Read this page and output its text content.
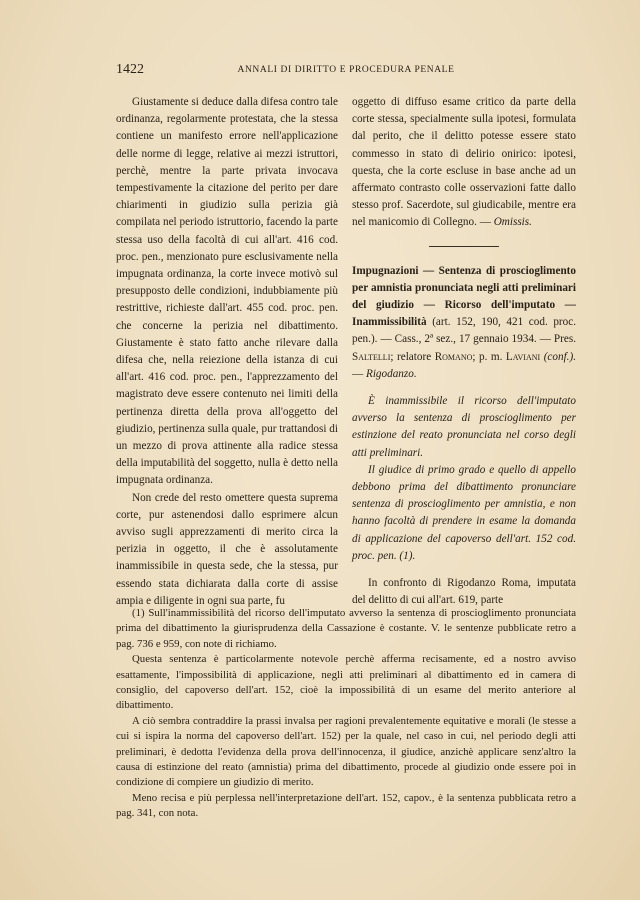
1422	ANNALI DI DIRITTO E PROCEDURA PENALE

Giustamente si deduce dalla difesa contro tale ordinanza, regolarmente protestata, che la stessa contiene un manifesto errore nell'applicazione delle norme di legge, relative ai mezzi istruttori, perchè, mentre la parte privata invocava tempestivamente la citazione del perito per dare chiarimenti in giudizio sulla perizia già compilata nel periodo istruttorio, facendo la parte stessa uso della facoltà di cui all'art. 416 cod. proc. pen., menzionato pure esclusivamente nella impugnata ordinanza, la corte invece motivò sul presupposto delle condizioni, indubbiamente più restrittive, richieste dall'art. 455 cod. proc. pen. che concerne la perizia nel dibattimento. Giustamente è stato fatto anche rilevare dalla difesa che, nella reiezione della istanza di cui all'art. 416 cod. proc. pen., l'apprezzamento del magistrato deve essere contenuto nei limiti della pertinenza diretta della prova all'oggetto del giudizio, pertinenza sulla quale, pur trattandosi di un mezzo di prova attinente alla radice stessa della imputabilità del soggetto, nulla è detto nella impugnata ordinanza.

Non crede del resto omettere questa suprema corte, pur astenendosi dallo esprimere alcun avviso sugli apprezzamenti di merito circa la perizia in oggetto, il che è assolutamente inammissibile in questa sede, che la stessa, pur essendo stata dichiarata dalla corte di assise ampia e diligente in ogni sua parte, fu

oggetto di diffuso esame critico da parte della corte stessa, specialmente sulla ipotesi, formulata dal perito, che il delitto potesse essere stato commesso in stato di delirio onirico: ipotesi, questa, che la corte escluse in base anche ad un affermato contrasto colle osservazioni fatte dallo stesso prof. Sacerdote, sul giudicabile, mentre era nel manicomio di Collegno. — Omissis.

Impugnazioni — Sentenza di proscioglimento per amnistia pronunciata negli atti preliminari del giudizio — Ricorso dell'imputato — Inammissibilità (art. 152, 190, 421 cod. proc. pen.). — Cass., 2ª sez., 17 gennaio 1934. — Pres. Saltelli; relatore Romano; p. m. Laviani (conf.). — Rigodanzo.

È inammissibile il ricorso dell'imputato avverso la sentenza di proscioglimento per estinzione del reato pronunciata nel corso degli atti preliminari.

Il giudice di primo grado e quello di appello debbono prima del dibattimento pronunciare sentenza di proscioglimento per amnistia, e non hanno facoltà di prendere in esame la domanda di applicazione del capoverso dell'art. 152 cod. proc. pen. (1).

In confronto di Rigodanzo Roma, imputata del delitto di cui all'art. 619, parte

(1) Sull'inammissibilità del ricorso dell'imputato avverso la sentenza di proscioglimento pronunciata prima del dibattimento la giurisprudenza della Cassazione è costante. V. le sentenze pubblicate retro a pag. 736 e 959, con note di richiamo.

Questa sentenza è particolarmente notevole perchè afferma recisamente, ed a nostro avviso esattamente, l'impossibilità di applicazione, negli atti preliminari al dibattimento ed in camera di consiglio, del capoverso dell'art. 152, cioè la impossibilità di un esame del merito anteriore al dibattimento.

A ciò sembra contraddire la prassi invalsa per ragioni prevalentemente equitative e morali (le stesse a cui si ispira la norma del capoverso dell'art. 152) per la quale, nel caso in cui, nel periodo degli atti preliminari, è dedotta l'evidenza della prova dell'innocenza, il giudice, anzichè applicare senz'altro la causa di estinzione del reato (amnistia) prima del dibattimento, procede al giudizio onde essere poi in condizione di compiere un giudizio di merito.

Meno recisa e più perplessa nell'interpretazione dell'art. 152, capov., è la sentenza pubblicata retro a pag. 341, con nota.
